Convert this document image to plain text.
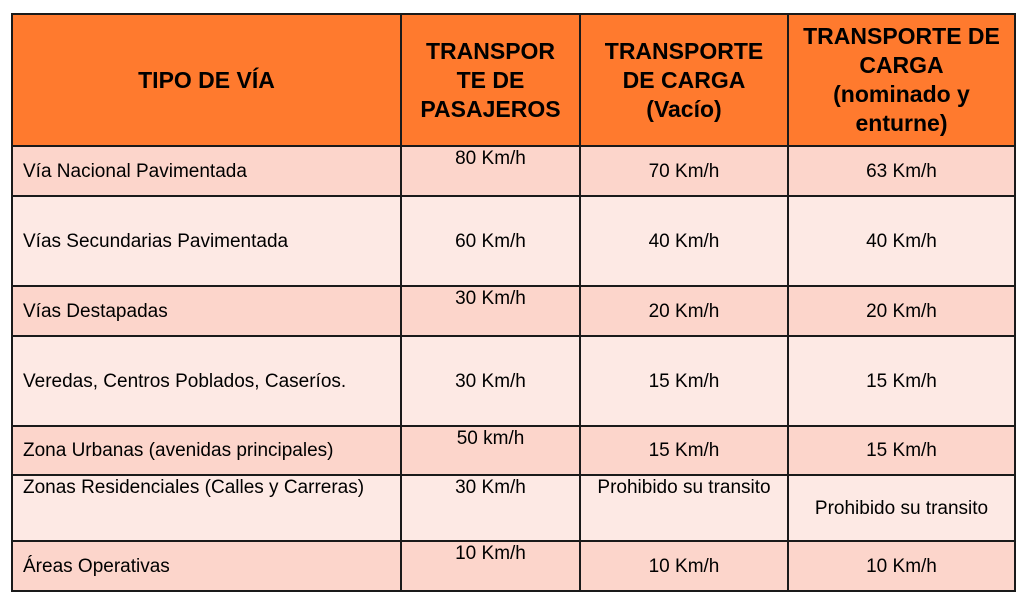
TIPO DE VÍA	TRANSPOR TE DE PASAJEROS	TRANSPORTE DE CARGA (Vacío)	TRANSPORTE DE CARGA (nominado y enturne)
Vía Nacional Pavimentada	80 Km/h	70 Km/h	63 Km/h
Vías Secundarias Pavimentada	60 Km/h	40 Km/h	40 Km/h
Vías Destapadas	30 Km/h	20 Km/h	20 Km/h
Veredas, Centros Poblados, Caseríos.	30 Km/h	15 Km/h	15 Km/h
Zona Urbanas (avenidas principales)	50 km/h	15 Km/h	15 Km/h
Zonas Residenciales (Calles y Carreras)	30 Km/h	Prohibido su transito	Prohibido su transito
Áreas Operativas	10 Km/h	10 Km/h	10 Km/h
